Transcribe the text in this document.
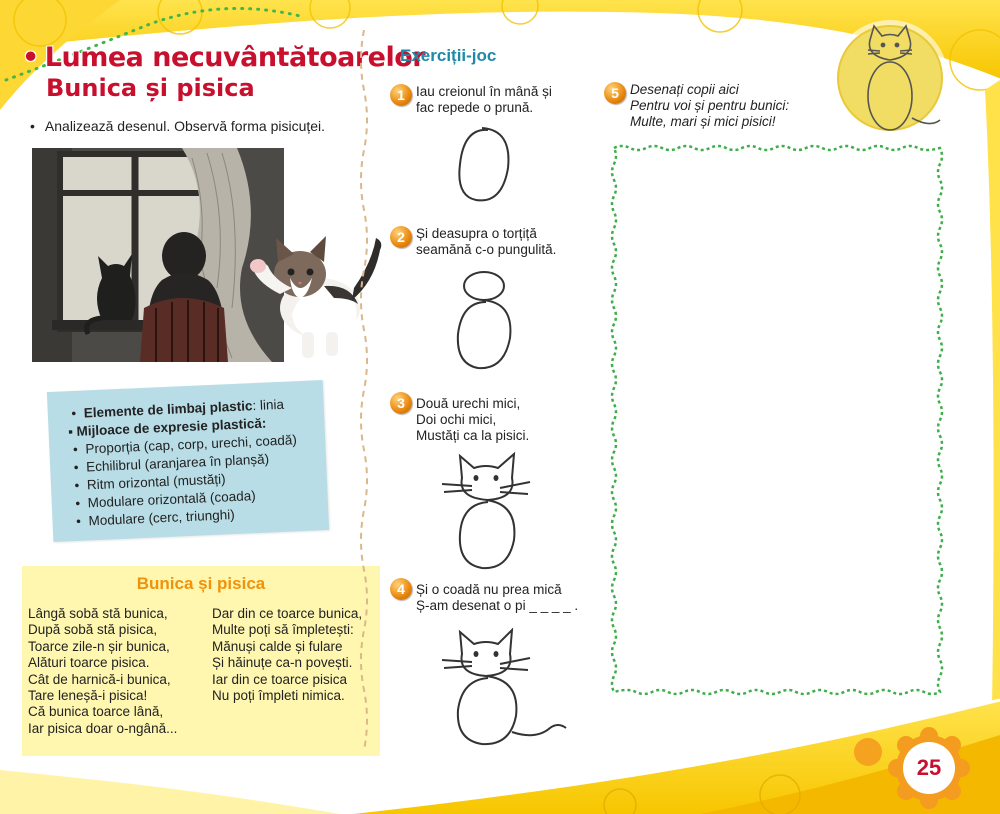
• Lumea necuvântătoarelor
Bunica și pisica
• Analizează desenul. Observă forma pisicuței.
• Elemente de limbaj plastic: linia
▪ Mijloace de expresie plastică:
• Proporția (cap, corp, urechi, coadă)
• Echilibrul (aranjarea în planșă)
• Ritm orizontal (mustăți)
• Modulare orizontală (coada)
• Modulare (cerc, triunghi)
Bunica și pisica
Lângă sobă stă bunica,
După sobă stă pisica,
Toarce zile-n șir bunica,
Alături toarce pisica.
Cât de harnică-i bunica,
Tare leneșă-i pisica!
Că bunica toarce lână,
Iar pisica doar o-ngână...
Dar din ce toarce bunica,
Multe poți să împletești:
Mănuși calde și fulare
Și hăinuțe ca-n povești.
Iar din ce toarce pisica
Nu poți împleti nimica.
Exerciții-joc
1 Iau creionul în mână și
fac repede o prună.
2 Și deasupra o torțiță
seamănă c-o pungulită.
3 Două urechi mici,
Doi ochi mici,
Mustăți ca la pisici.
4 Și o coadă nu prea mică
Ș-am desenat o pi _ _ _ _ .
5 Desenați copii aici
Pentru voi și pentru bunici:
Multe, mari și mici pisici!
25
